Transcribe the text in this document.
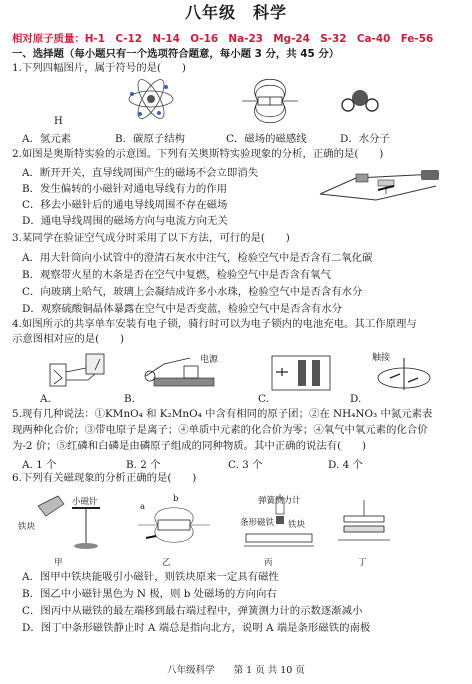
八年级　科学
相对原子质量：H-1　C-12　N-14　O-16　Na-23　Mg-24　S-32　Ca-40　Fe-56
一、选择题（每小题只有一个选项符合题意，每小题 3 分，共 45 分）
1.下列四幅图片，属于符号的是(　　)
H
A．氢元素	B．碳原子结构	C．磁场的磁感线	D．水分子
2.如图是奥斯特实验的示意图。下列有关奥斯特实验现象的分析，正确的是(　　)
A．断开开关，直导线周围产生的磁场不会立即消失
B．发生偏转的小磁针对通电导线有力的作用
C．移去小磁针后的通电导线周围不存在磁场
D．通电导线周围的磁场方向与电流方向无关
3.某同学在验证空气成分时采用了以下方法，可行的是(　　)
A．用大针筒向小试管中的澄清石灰水中注气，检验空气中是否含有二氧化碳
B．观察带火星的木条是否在空气中复燃，检验空气中是否含有氧气
C．向玻璃上哈气，玻璃上会凝结成许多小水珠，检验空气中是否含有水分
D．观察硫酸铜晶体暴露在空气中是否变蓝，检验空气中是否含有水分
4.如图所示的共享单车安装有电子锁，骑行时可以为电子锁内的电池充电。其工作原理与
示意图相对应的是(　　)
电源	触接
A.	B.	C.	D.
5.现有几种说法：①KMnO₄ 和 K₂MnO₄ 中含有相同的原子团；②在 NH₄NO₃ 中氮元素表
现两种化合价；③带电原子是离子；④单质中元素的化合价为零；④氧气中氧元素的化合价
为-2 价；⑤红磷和白磷是由磷原子组成的同种物质。其中正确的说法有(　　)
A. 1 个	B. 2 个	C. 3 个	D. 4 个
6.下列有关磁现象的分析正确的是(　　)
小磁针
铁块
甲
a
b
乙
弹簧测力计
条形磁铁 铁块
丙	丁
A．图甲中铁块能吸引小磁针，则铁块原来一定具有磁性
B．图乙中小磁针黑色为 N 极，则 b 处磁场的方向向右
C．图丙中从磁铁的最左端移到最右端过程中，弹簧测力计的示数逐渐减小
D．图丁中条形磁铁静止时 A 端总是指向北方，说明 A 端是条形磁铁的南极
八年级科学　　第 1 页 共 10 页
